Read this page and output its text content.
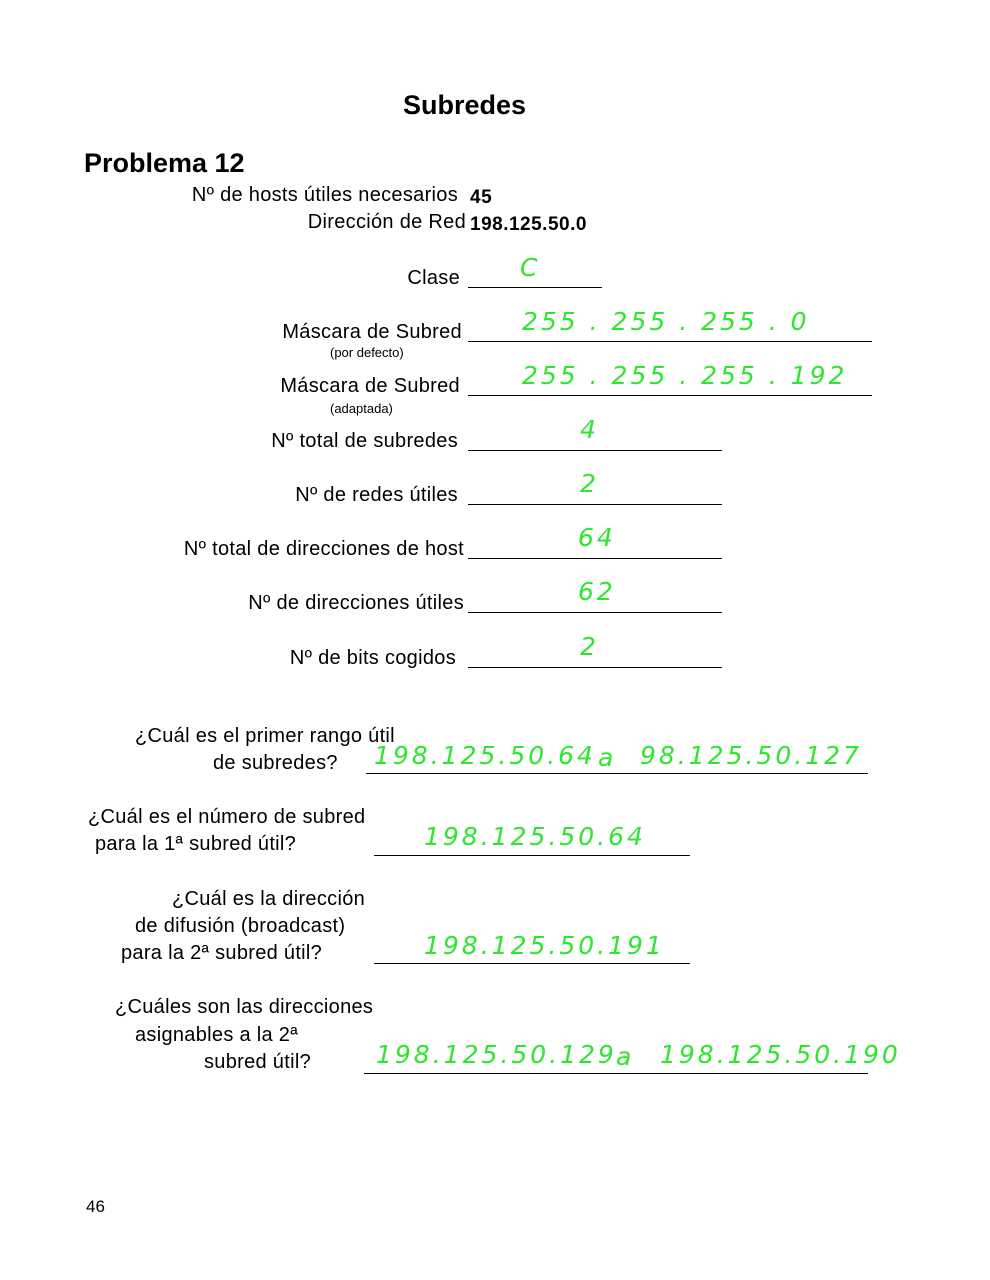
Subredes
Problema 12
Nº de hosts útiles necesarios 45
Dirección de Red 198.125.50.0
Clase C
Máscara de Subred
(por defecto)
255 . 255 . 255 . 0
Máscara de Subred
(adaptada)
255 . 255 . 255 . 192
Nº total de subredes	4
Nº de redes útiles	2
Nº total de direcciones de host	64
Nº de direcciones útiles	62
Nº de bits cogidos	2
¿Cuál es el primer rango útil
de subredes? 198.125.50.64 a 98.125.50.127
¿Cuál es el número de subred
para la 1ª subred útil?	198.125.50.64
¿Cuál es la dirección
de difusión (broadcast)
para la 2ª subred útil?	198.125.50.191
¿Cuáles son las direcciones
asignables a la 2ª
subred útil?	198.125.50.129 a 198.125.50.190
46
